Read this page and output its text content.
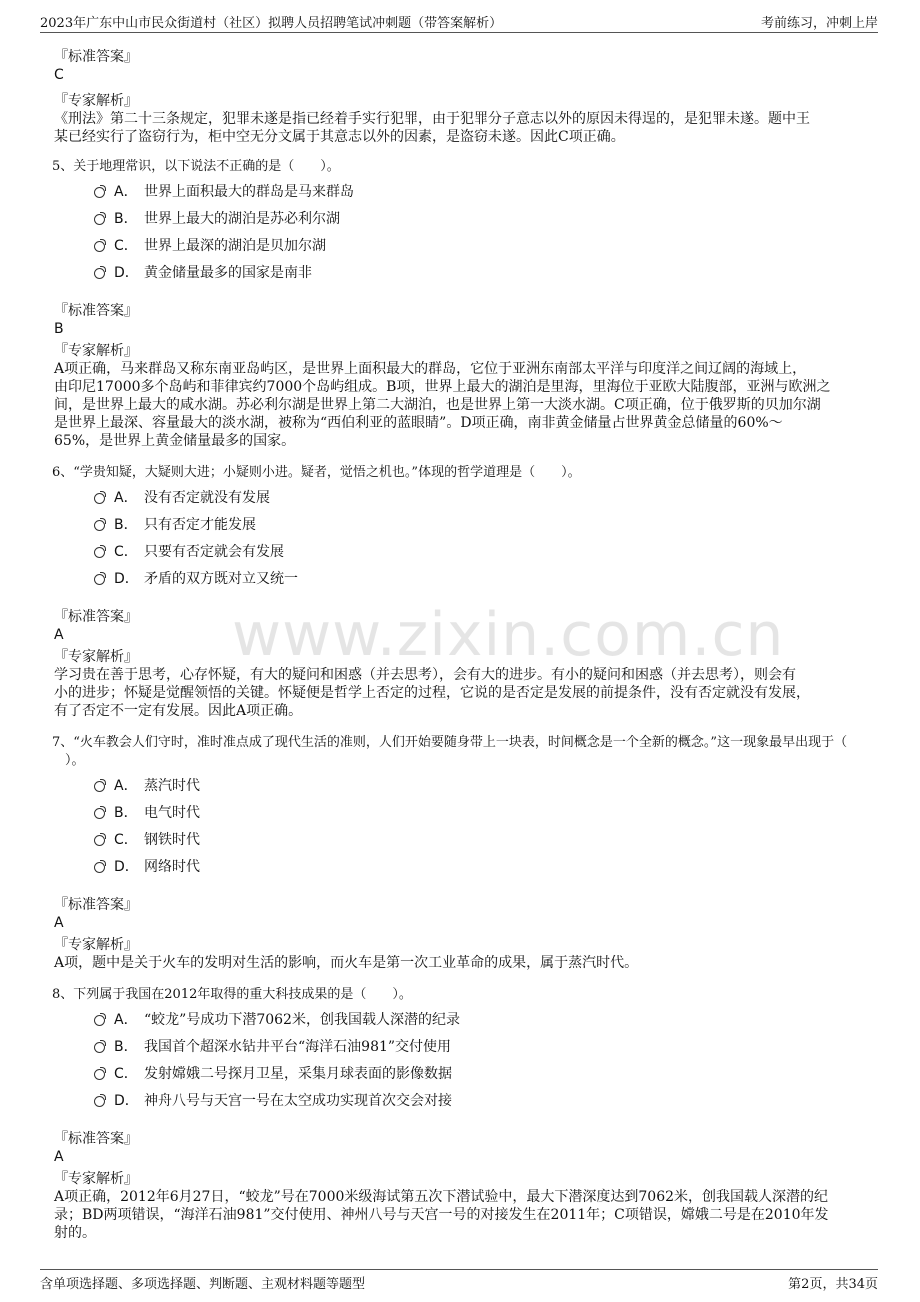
2023年广东中山市民众街道村（社区）拟聘人员招聘笔试冲刺题（带答案解析）	考前练习，冲刺上岸
www.zixin.com.cn
『标准答案』
C
『专家解析』
《刑法》第二十三条规定，犯罪未遂是指已经着手实行犯罪，由于犯罪分子意志以外的原因未得逞的，是犯罪未遂。题中王
某已经实行了盗窃行为，柜中空无分文属于其意志以外的因素，是盗窃未遂。因此C项正确。
5、关于地理常识，以下说法不正确的是（　　）。
A． 世界上面积最大的群岛是马来群岛
B． 世界上最大的湖泊是苏必利尔湖
C． 世界上最深的湖泊是贝加尔湖
D． 黄金储量最多的国家是南非
『标准答案』
B
『专家解析』
A项正确，马来群岛又称东南亚岛屿区，是世界上面积最大的群岛，它位于亚洲东南部太平洋与印度洋之间辽阔的海域上，
由印尼17000多个岛屿和菲律宾约7000个岛屿组成。B项，世界上最大的湖泊是里海，里海位于亚欧大陆腹部，亚洲与欧洲之
间，是世界上最大的咸水湖。苏必利尔湖是世界上第二大湖泊，也是世界上第一大淡水湖。C项正确，位于俄罗斯的贝加尔湖
是世界上最深、容量最大的淡水湖，被称为“西伯利亚的蓝眼睛”。D项正确，南非黄金储量占世界黄金总储量的60%～
65%，是世界上黄金储量最多的国家。
6、“学贵知疑，大疑则大进；小疑则小进。疑者，觉悟之机也。”体现的哲学道理是（　　）。
A． 没有否定就没有发展
B． 只有否定才能发展
C． 只要有否定就会有发展
D． 矛盾的双方既对立又统一
『标准答案』
A
『专家解析』
学习贵在善于思考，心存怀疑，有大的疑问和困惑（并去思考），会有大的进步。有小的疑问和困惑（并去思考），则会有
小的进步；怀疑是觉醒领悟的关键。怀疑便是哲学上否定的过程，它说的是否定是发展的前提条件，没有否定就没有发展，
有了否定不一定有发展。因此A项正确。
7、“火车教会人们守时，准时准点成了现代生活的准则，人们开始要随身带上一块表，时间概念是一个全新的概念。”这一现象最早出现于（
　）。
A． 蒸汽时代
B． 电气时代
C． 钢铁时代
D． 网络时代
『标准答案』
A
『专家解析』
A项，题中是关于火车的发明对生活的影响，而火车是第一次工业革命的成果，属于蒸汽时代。
8、下列属于我国在2012年取得的重大科技成果的是（　　）。
A． “蛟龙”号成功下潜7062米，创我国载人深潜的纪录
B． 我国首个超深水钻井平台“海洋石油981”交付使用
C． 发射嫦娥二号探月卫星，采集月球表面的影像数据
D． 神舟八号与天宫一号在太空成功实现首次交会对接
『标准答案』
A
『专家解析』
A项正确，2012年6月27日，“蛟龙”号在7000米级海试第五次下潜试验中，最大下潜深度达到7062米，创我国载人深潜的纪
录；BD两项错误，“海洋石油981”交付使用、神州八号与天宫一号的对接发生在2011年；C项错误，嫦娥二号是在2010年发
射的。
含单项选择题、多项选择题、判断题、主观材料题等题型	第2页，共34页
